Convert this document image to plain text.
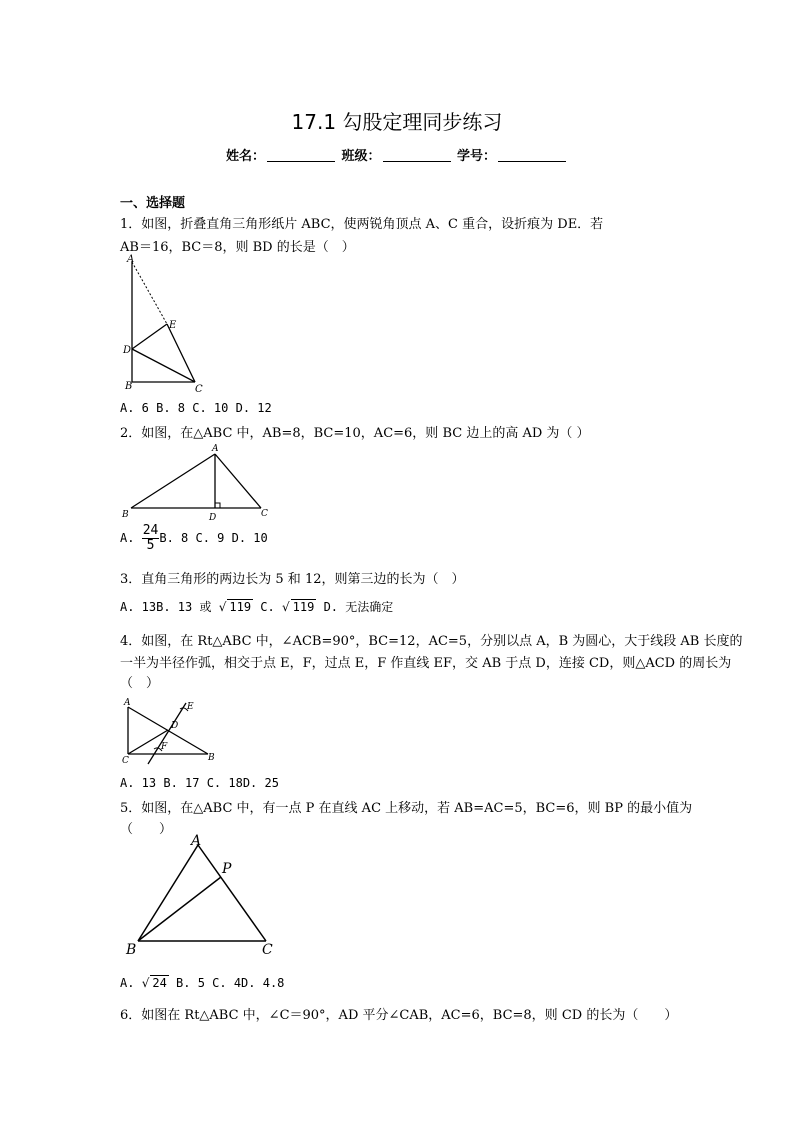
17.1 勾股定理同步练习
姓名：	班级：	学号：
一、选择题
1．如图，折叠直角三角形纸片 ABC，使两锐角顶点 A、C 重合，设折痕为 DE．若
AB＝16，BC＝8，则 BD 的长是（　）
A
D
B	C
E
A. 6 B. 8 C. 10 D. 12
2．如图，在△ABC 中，AB=8，BC=10，AC=6，则 BC 边上的高 AD 为（ ）
A
B	D	C
A. $\frac{24}{5} B$. 8 C. 9 D. 10
3．直角三角形的两边长为 5 和 12，则第三边的长为（　）
A. 13B. 13 或 √ 119 C. √ 119 D. 无法确定
4．如图，在 Rt△ABC 中，∠ACB=90°，BC=12，AC=5，分别以点 A，B 为圆心，大于线段 AB 长度的
一半为半径作弧，相交于点 E，F，过点 E，F 作直线 EF，交 AB 于点 D，连接 CD，则△ACD 的周长为
（　）
A
C	B
D
E
F
A. 13 B. 17 C. 18D. 25
5．如图，在△ABC 中，有一点 P 在直线 AC 上移动，若 AB=AC=5，BC=6，则 BP 的最小值为
（　　）
A
P
B	C
A. √ 24 B. 5 C. 4D. 4.8
6．如图在 Rt△ABC 中，∠C＝90°，AD 平分∠CAB，AC=6，BC=8，则 CD 的长为（　　）
